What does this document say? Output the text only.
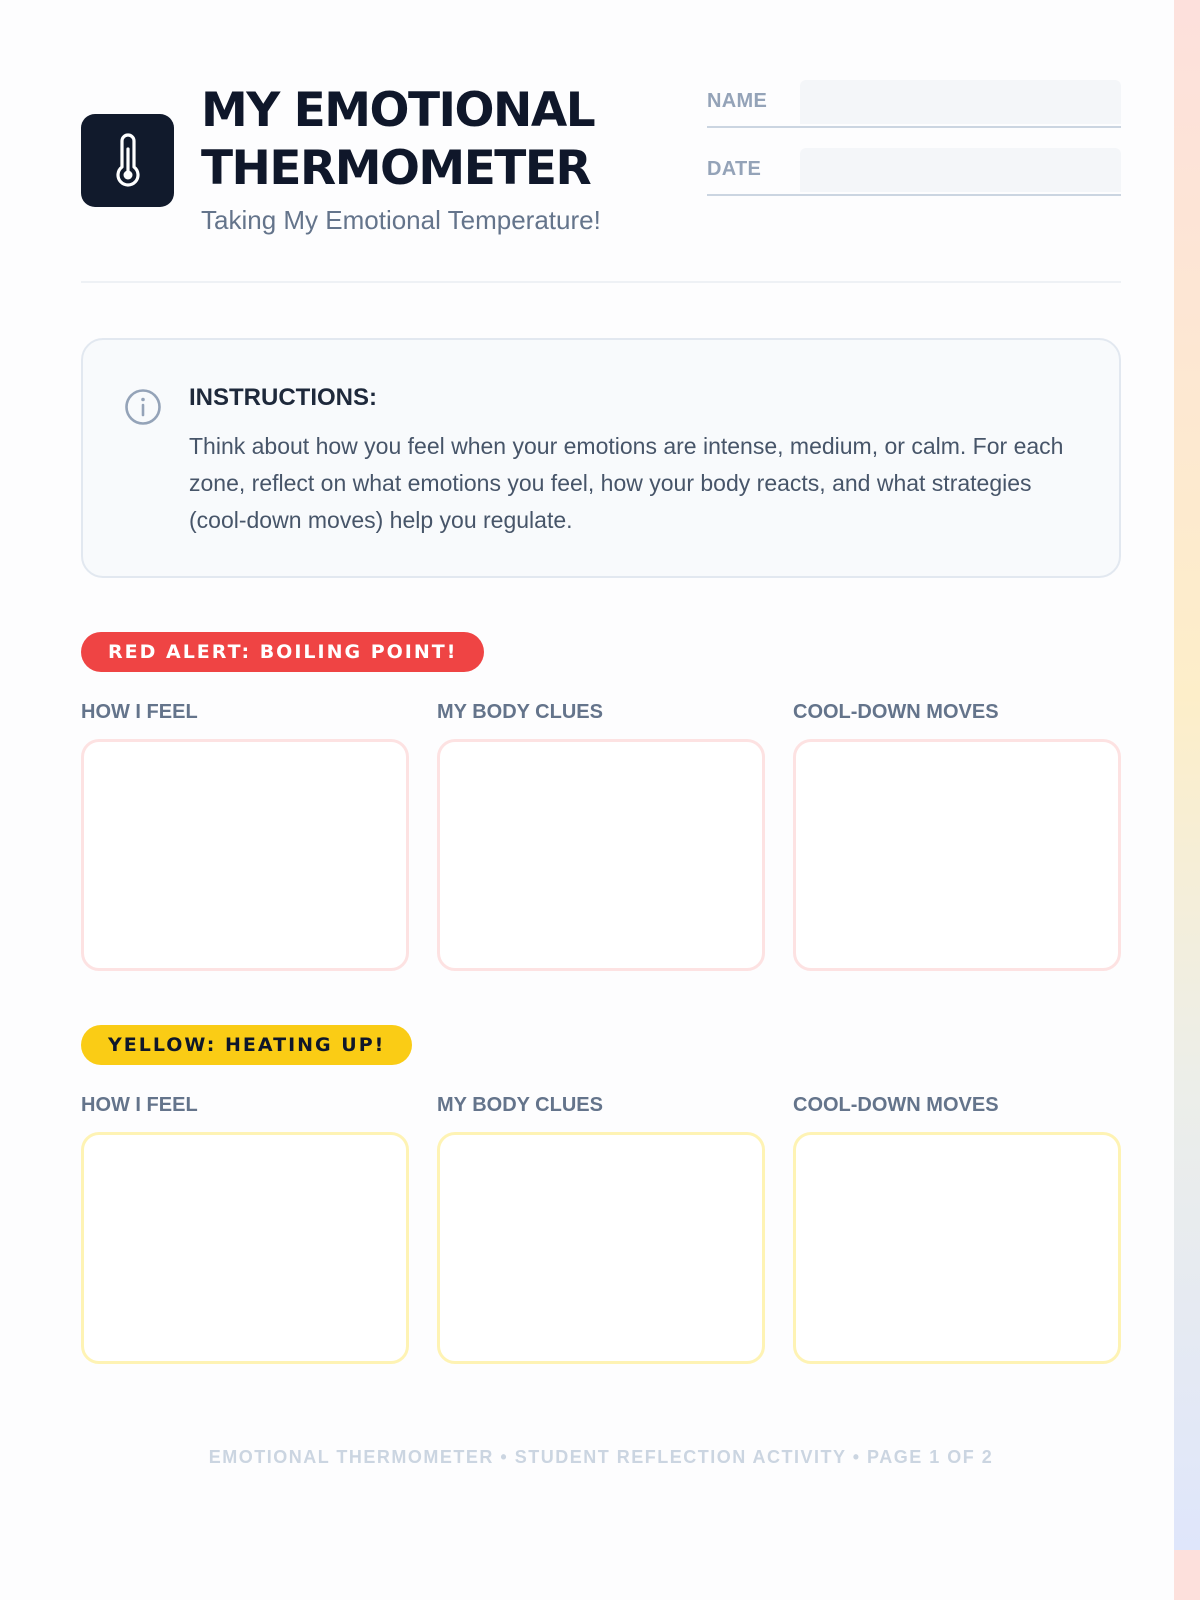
MY EMOTIONAL THERMOMETER
Taking My Emotional Temperature!
NAME
DATE
INSTRUCTIONS:

Think about how you feel when your emotions are intense, medium, or calm. For each zone, reflect on what emotions you feel, how your body reacts, and what strategies (cool-down moves) help you regulate.

RED ALERT: BOILING POINT!
HOW I FEEL	MY BODY CLUES	COOL-DOWN MOVES
YELLOW: HEATING UP!
HOW I FEEL	MY BODY CLUES	COOL-DOWN MOVES
EMOTIONAL THERMOMETER • STUDENT REFLECTION ACTIVITY • PAGE 1 OF 2
